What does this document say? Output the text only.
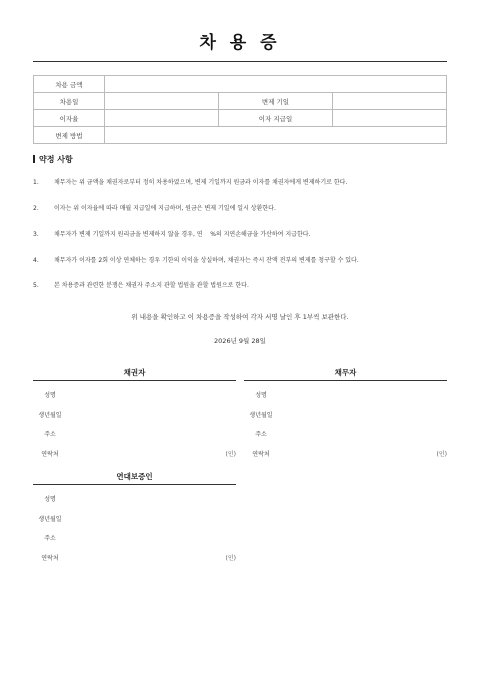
차 용 증
차용 금액			
차용일		변제 기일	
이자율		이자 지급일	
변제 방법			
약정 사항
1.	채무자는 위 금액을 채권자로부터 정히 차용하였으며, 변제 기일까지 원금과 이자를 채권자에게 변제하기로 한다.
2.	이자는 위 이자율에 따라 매월 지급일에 지급하며, 원금은 변제 기일에 일시 상환한다.
3.	채무자가 변제 기일까지 원리금을 변제하지 않을 경우, 연    %의 지연손해금을 가산하여 지급한다.
4.	채무자가 이자를 2회 이상 연체하는 경우 기한의 이익을 상실하며, 채권자는 즉시 잔액 전부의 변제를 청구할 수 있다.
5.	본 차용증과 관련한 분쟁은 채권자 주소지 관할 법원을 관할 법원으로 한다.
위 내용을 확인하고 이 차용증을 작성하여 각자 서명 날인 후 1부씩 보관한다.
2026년 9월 28일
채권자
성명
생년월일
주소
연락처	(인)
채무자
성명
생년월일
주소
연락처	(인)
연대보증인
성명
생년월일
주소
연락처	(인)
